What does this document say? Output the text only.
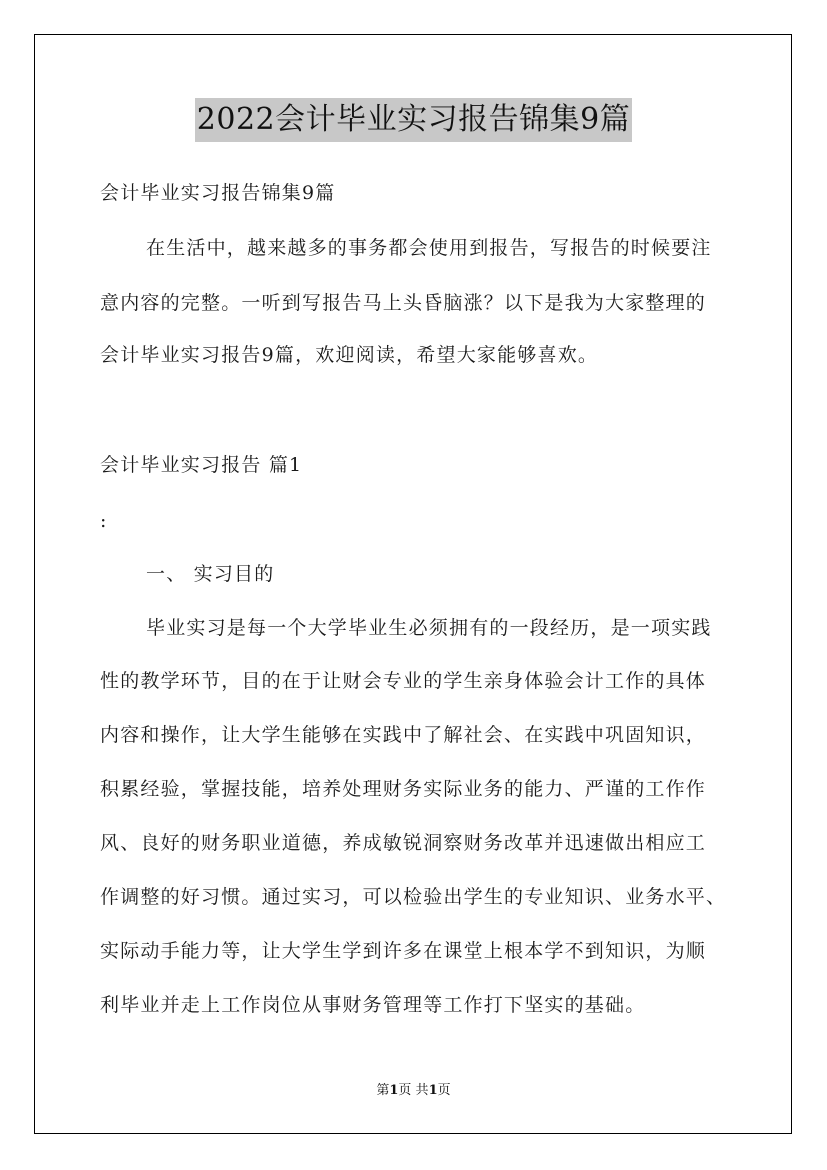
2022会计毕业实习报告锦集9篇
会计毕业实习报告锦集9篇
在生活中，越来越多的事务都会使用到报告，写报告的时候要注
意内容的完整。一听到写报告马上头昏脑涨？以下是我为大家整理的
会计毕业实习报告9篇，欢迎阅读，希望大家能够喜欢。
会计毕业实习报告 篇1
:
一、 实习目的
毕业实习是每一个大学毕业生必须拥有的一段经历，是一项实践
性的教学环节，目的在于让财会专业的学生亲身体验会计工作的具体
内容和操作，让大学生能够在实践中了解社会、在实践中巩固知识，
积累经验，掌握技能，培养处理财务实际业务的能力、严谨的工作作
风、良好的财务职业道德，养成敏锐洞察财务改革并迅速做出相应工
作调整的好习惯。通过实习，可以检验出学生的专业知识、业务水平、
实际动手能力等，让大学生学到许多在课堂上根本学不到知识，为顺
利毕业并走上工作岗位从事财务管理等工作打下坚实的基础。
第1页 共1页
